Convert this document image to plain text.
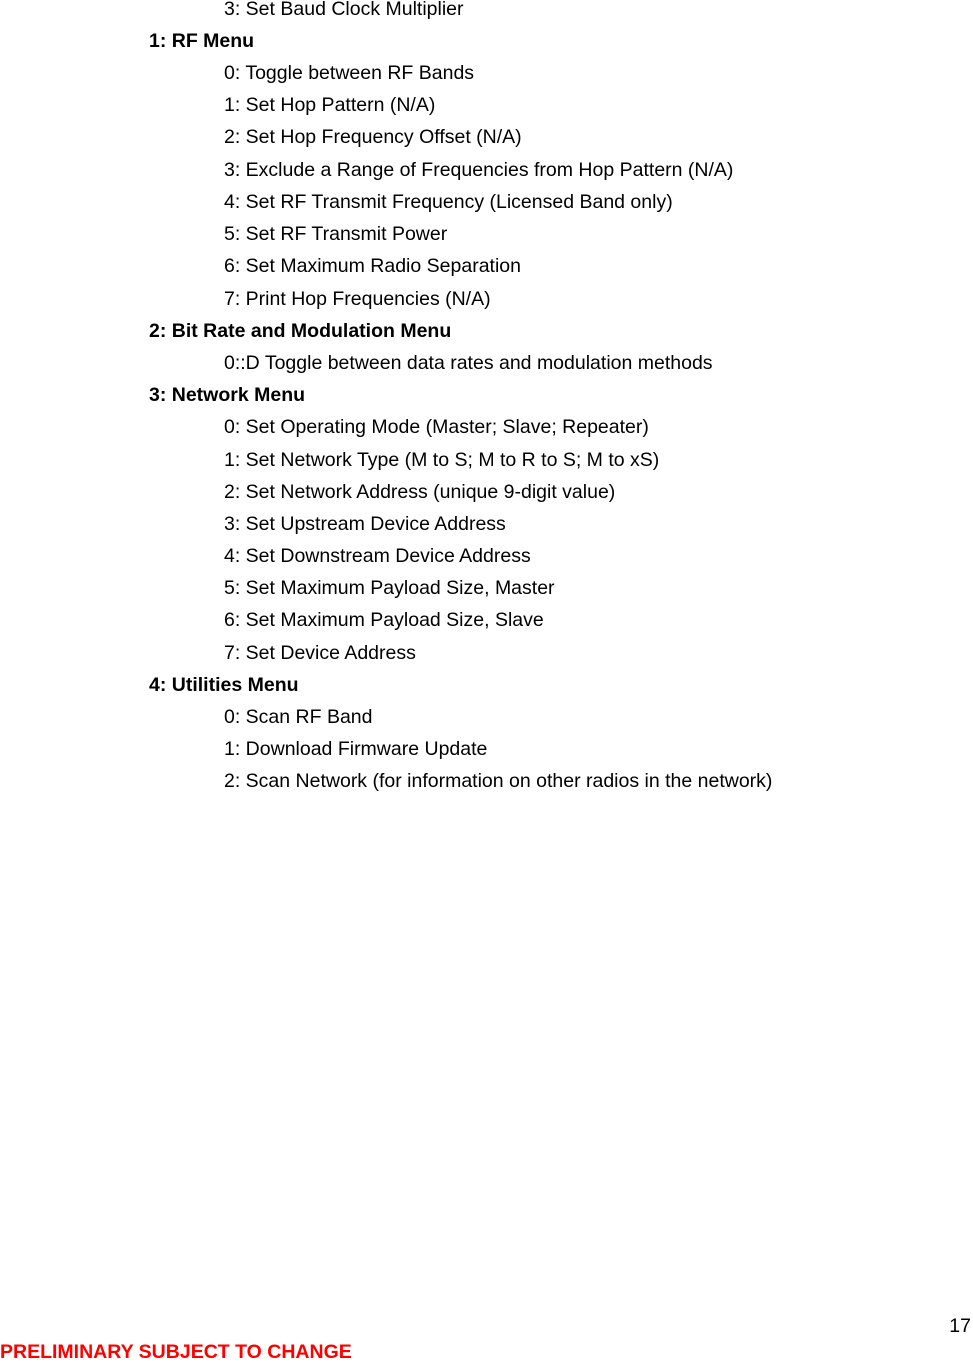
3: Set Baud Clock Multiplier
1: RF Menu
0: Toggle between RF Bands
1: Set Hop Pattern (N/A)
2: Set Hop Frequency Offset (N/A)
3: Exclude a Range of Frequencies from Hop Pattern (N/A)
4: Set RF Transmit Frequency (Licensed Band only)
5: Set RF Transmit Power
6: Set Maximum Radio Separation
7: Print Hop Frequencies (N/A)
2: Bit Rate and Modulation Menu
0::D Toggle between data rates and modulation methods
3: Network Menu
0: Set Operating Mode (Master; Slave; Repeater)
1: Set Network Type (M to S; M to R to S; M to xS)
2: Set Network Address (unique 9-digit value)
3: Set Upstream Device Address
4: Set Downstream Device Address
5: Set Maximum Payload Size, Master
6: Set Maximum Payload Size, Slave
7: Set Device Address
4: Utilities Menu
0: Scan RF Band
1: Download Firmware Update
2: Scan Network (for information on other radios in the network)
17
PRELIMINARY SUBJECT TO CHANGE
